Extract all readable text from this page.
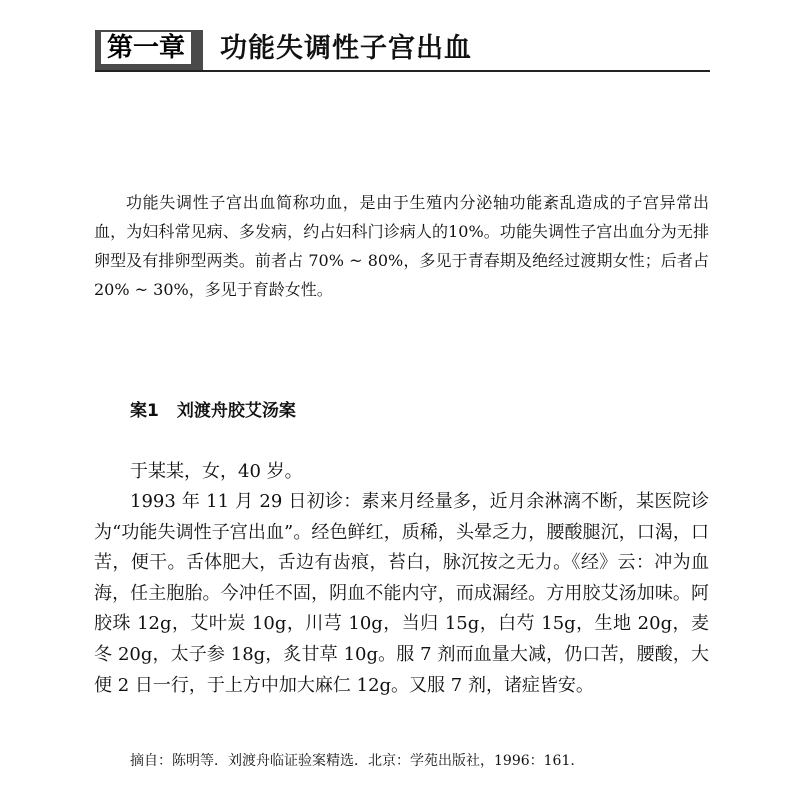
第一章 功能失调性子宫出血

功能失调性子宫出血简称功血，是由于生殖内分泌轴功能紊乱造成的子宫异常出血，为妇科常见病、多发病，约占妇科门诊病人的10%。功能失调性子宫出血分为无排卵型及有排卵型两类。前者占 70% ~ 80%，多见于青春期及绝经过渡期女性；后者占 20% ~ 30%，多见于育龄女性。

案1 刘渡舟胶艾汤案

于某某，女，40 岁。

1993 年 11 月 29 日初诊：素来月经量多，近月余淋漓不断，某医院诊为“功能失调性子宫出血”。经色鲜红，质稀，头晕乏力，腰酸腿沉，口渴，口苦，便干。舌体肥大，舌边有齿痕，苔白，脉沉按之无力。《经》云：冲为血海，任主胞胎。今冲任不固，阴血不能内守，而成漏经。方用胶艾汤加味。阿胶珠 12g，艾叶炭 10g，川芎 10g，当归 15g，白芍 15g，生地 20g，麦冬 20g，太子参 18g，炙甘草 10g。服 7 剂而血量大减，仍口苦，腰酸，大便 2 日一行，于上方中加大麻仁 12g。又服 7 剂，诸症皆安。

摘自：陈明等．刘渡舟临证验案精选．北京：学苑出版社，1996：161.
